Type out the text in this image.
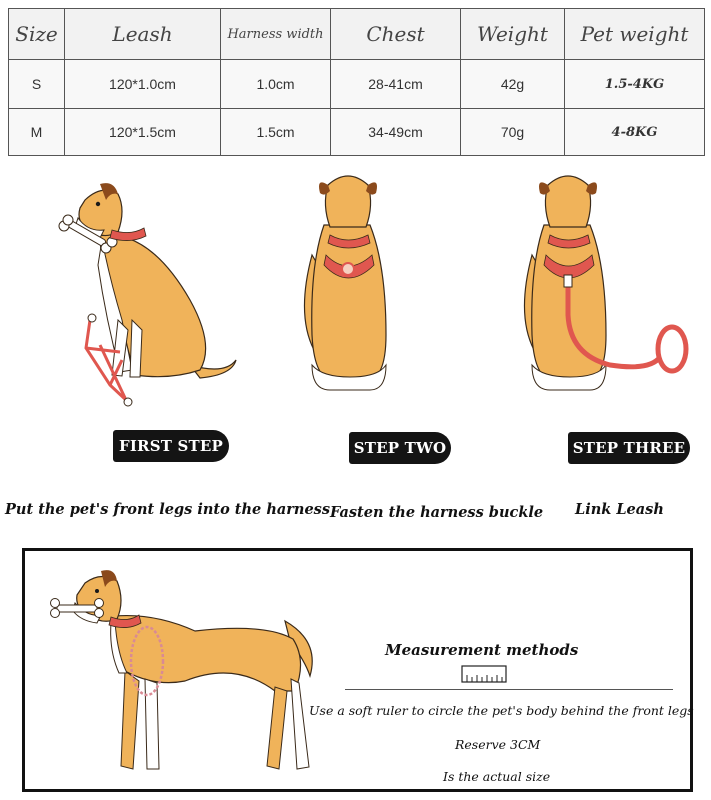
Size	Leash	Harness width	Chest	Weight	Pet weight
S	120*1.0cm	1.0cm	28-41cm	42g	1.5-4KG
M	120*1.5cm	1.5cm	34-49cm	70g	4-8KG
FIRST STEP	STEP TWO	STEP THREE
Put the pet's front legs into the harness Fasten the harness buckle Link Leash
Measurement methods
Use a soft ruler to circle the pet's body behind the front legs
Reserve 3CM
Is the actual size
